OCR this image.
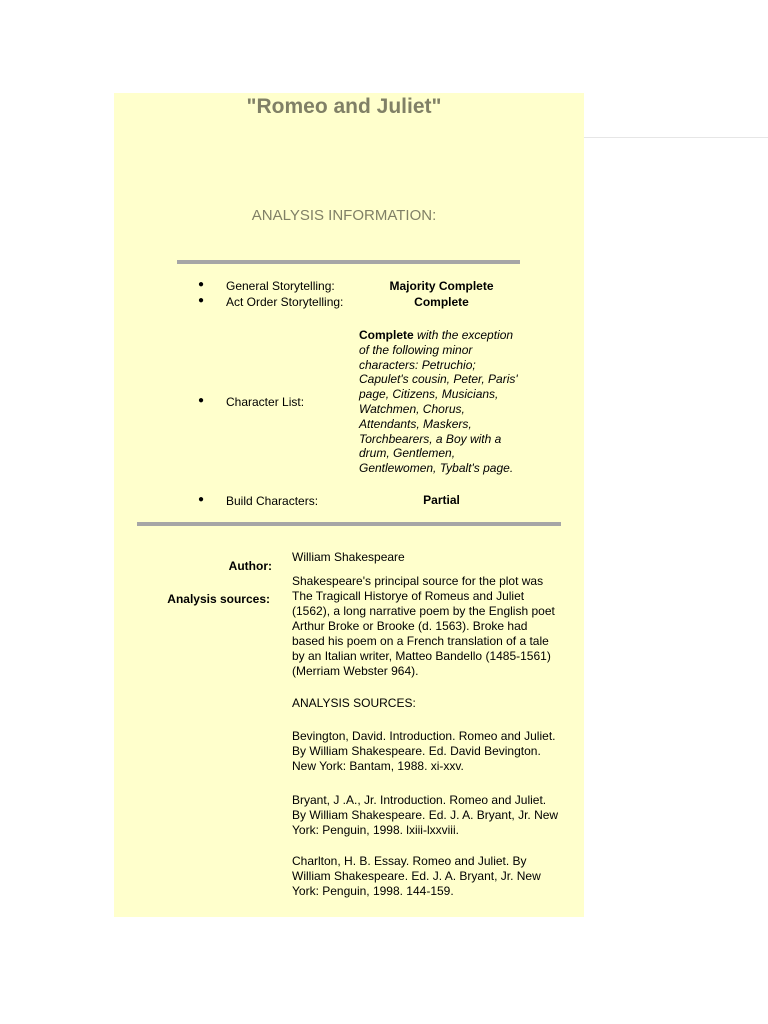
"Romeo and Juliet"
ANALYSIS INFORMATION:
● General Storytelling:	Majority Complete
● Act Order Storytelling:	Complete
● Character List:
Complete with the exception of the following minor characters: Petruchio; Capulet's cousin, Peter, Paris' page, Citizens, Musicians, Watchmen, Chorus, Attendants, Maskers, Torchbearers, a Boy with a drum, Gentlemen, Gentlewomen, Tybalt's page.
● Build Characters:	Partial
Author:
William Shakespeare
Analysis sources:
Shakespeare's principal source for the plot was The Tragicall Historye of Romeus and Juliet (1562), a long narrative poem by the English poet Arthur Broke or Brooke (d. 1563). Broke had based his poem on a French translation of a tale by an Italian writer, Matteo Bandello (1485-1561) (Merriam Webster 964).
ANALYSIS SOURCES:
Bevington, David. Introduction. Romeo and Juliet. By William Shakespeare. Ed. David Bevington. New York: Bantam, 1988. xi-xxv.
Bryant, J .A., Jr. Introduction. Romeo and Juliet. By William Shakespeare. Ed. J. A. Bryant, Jr. New York: Penguin, 1998. lxiii-lxxviii.
Charlton, H. B. Essay. Romeo and Juliet. By William Shakespeare. Ed. J. A. Bryant, Jr. New York: Penguin, 1998. 144-159.
